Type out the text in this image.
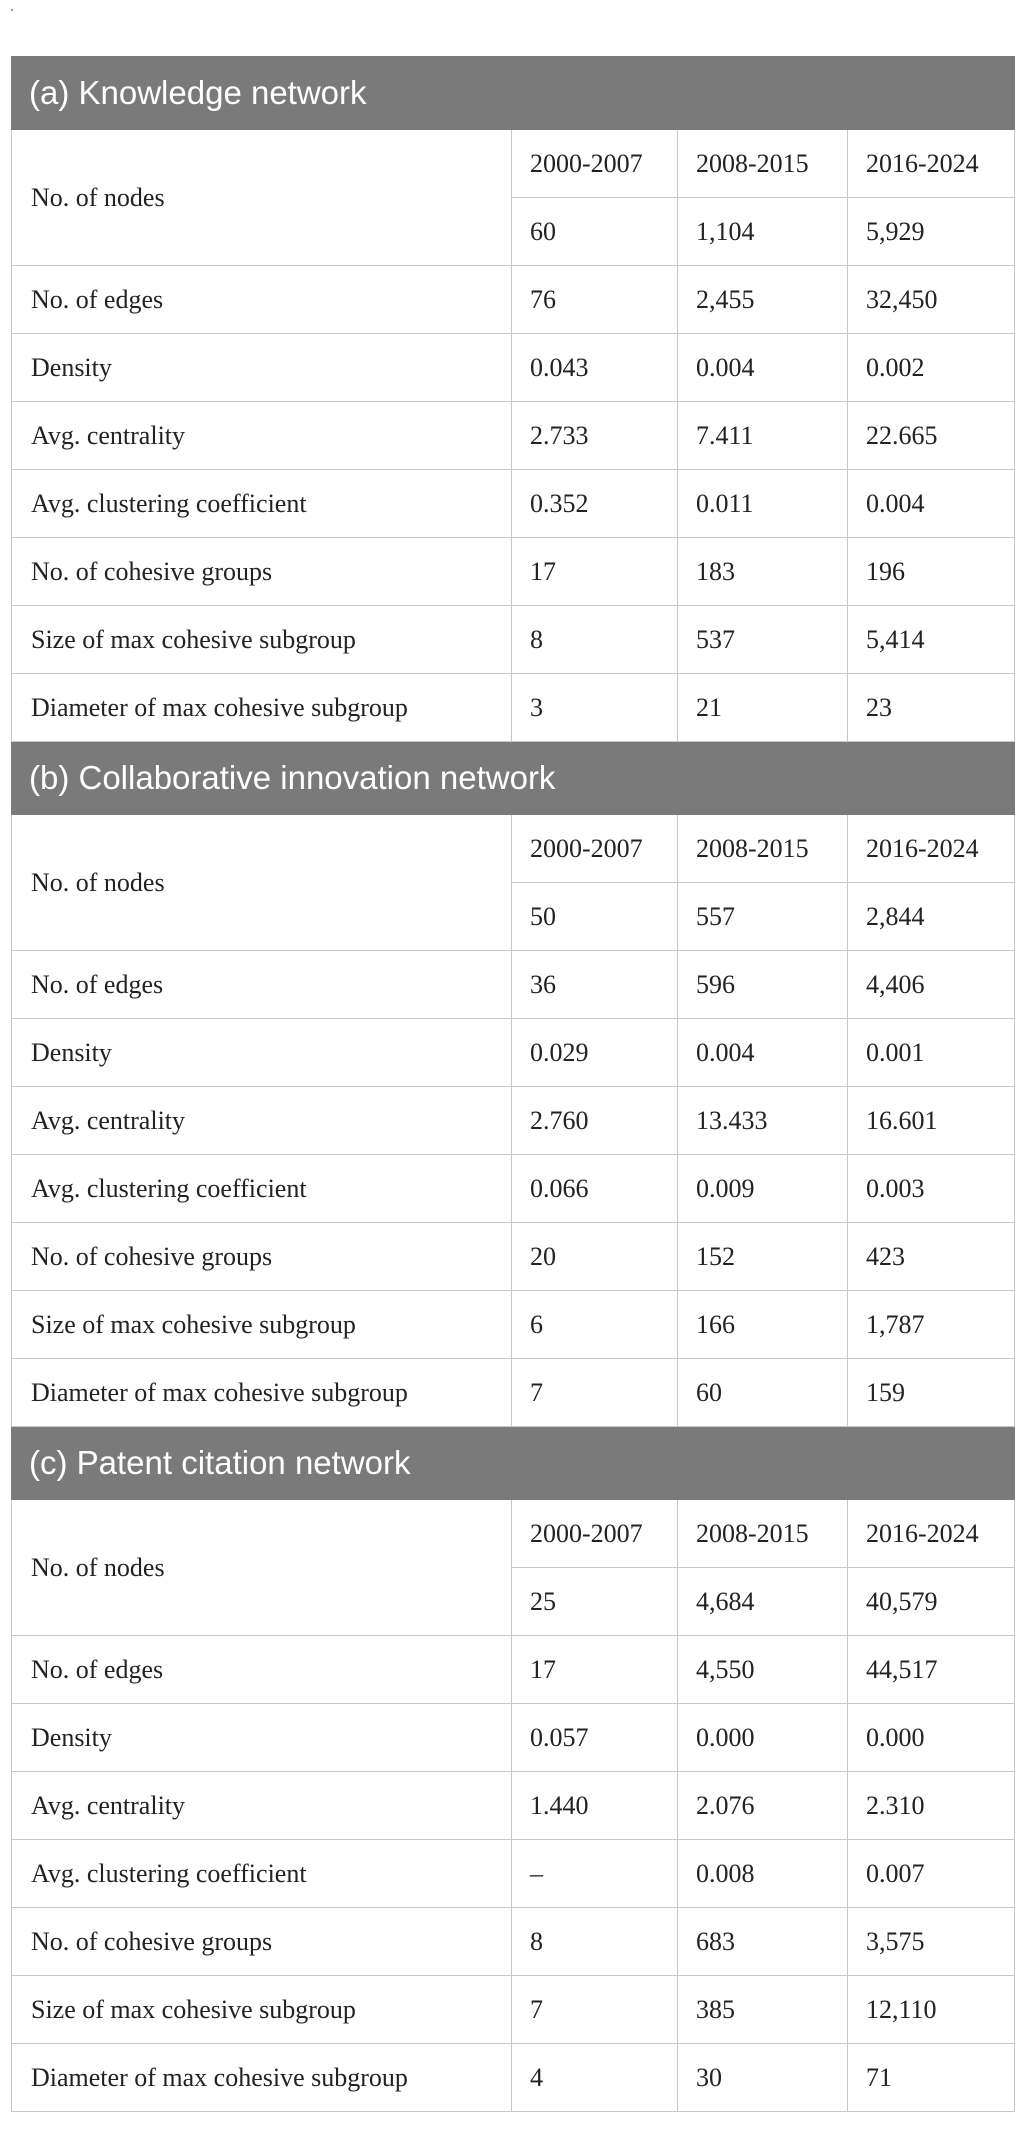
(a) Knowledge network			
No. of nodes	2000-2007	2008-2015	2016-2024
	60	1,104	5,929
No. of edges	76	2,455	32,450
Density	0.043	0.004	0.002
Avg. centrality	2.733	7.411	22.665
Avg. clustering coefficient	0.352	0.011	0.004
No. of cohesive groups	17	183	196
Size of max cohesive subgroup	8	537	5,414
Diameter of max cohesive subgroup	3	21	23
(b) Collaborative innovation network			
No. of nodes	2000-2007	2008-2015	2016-2024
	50	557	2,844
No. of edges	36	596	4,406
Density	0.029	0.004	0.001
Avg. centrality	2.760	13.433	16.601
Avg. clustering coefficient	0.066	0.009	0.003
No. of cohesive groups	20	152	423
Size of max cohesive subgroup	6	166	1,787
Diameter of max cohesive subgroup	7	60	159
(c) Patent citation network			
No. of nodes	2000-2007	2008-2015	2016-2024
	25	4,684	40,579
No. of edges	17	4,550	44,517
Density	0.057	0.000	0.000
Avg. centrality	1.440	2.076	2.310
Avg. clustering coefficient	–	0.008	0.007
No. of cohesive groups	8	683	3,575
Size of max cohesive subgroup	7	385	12,110
Diameter of max cohesive subgroup	4	30	71
